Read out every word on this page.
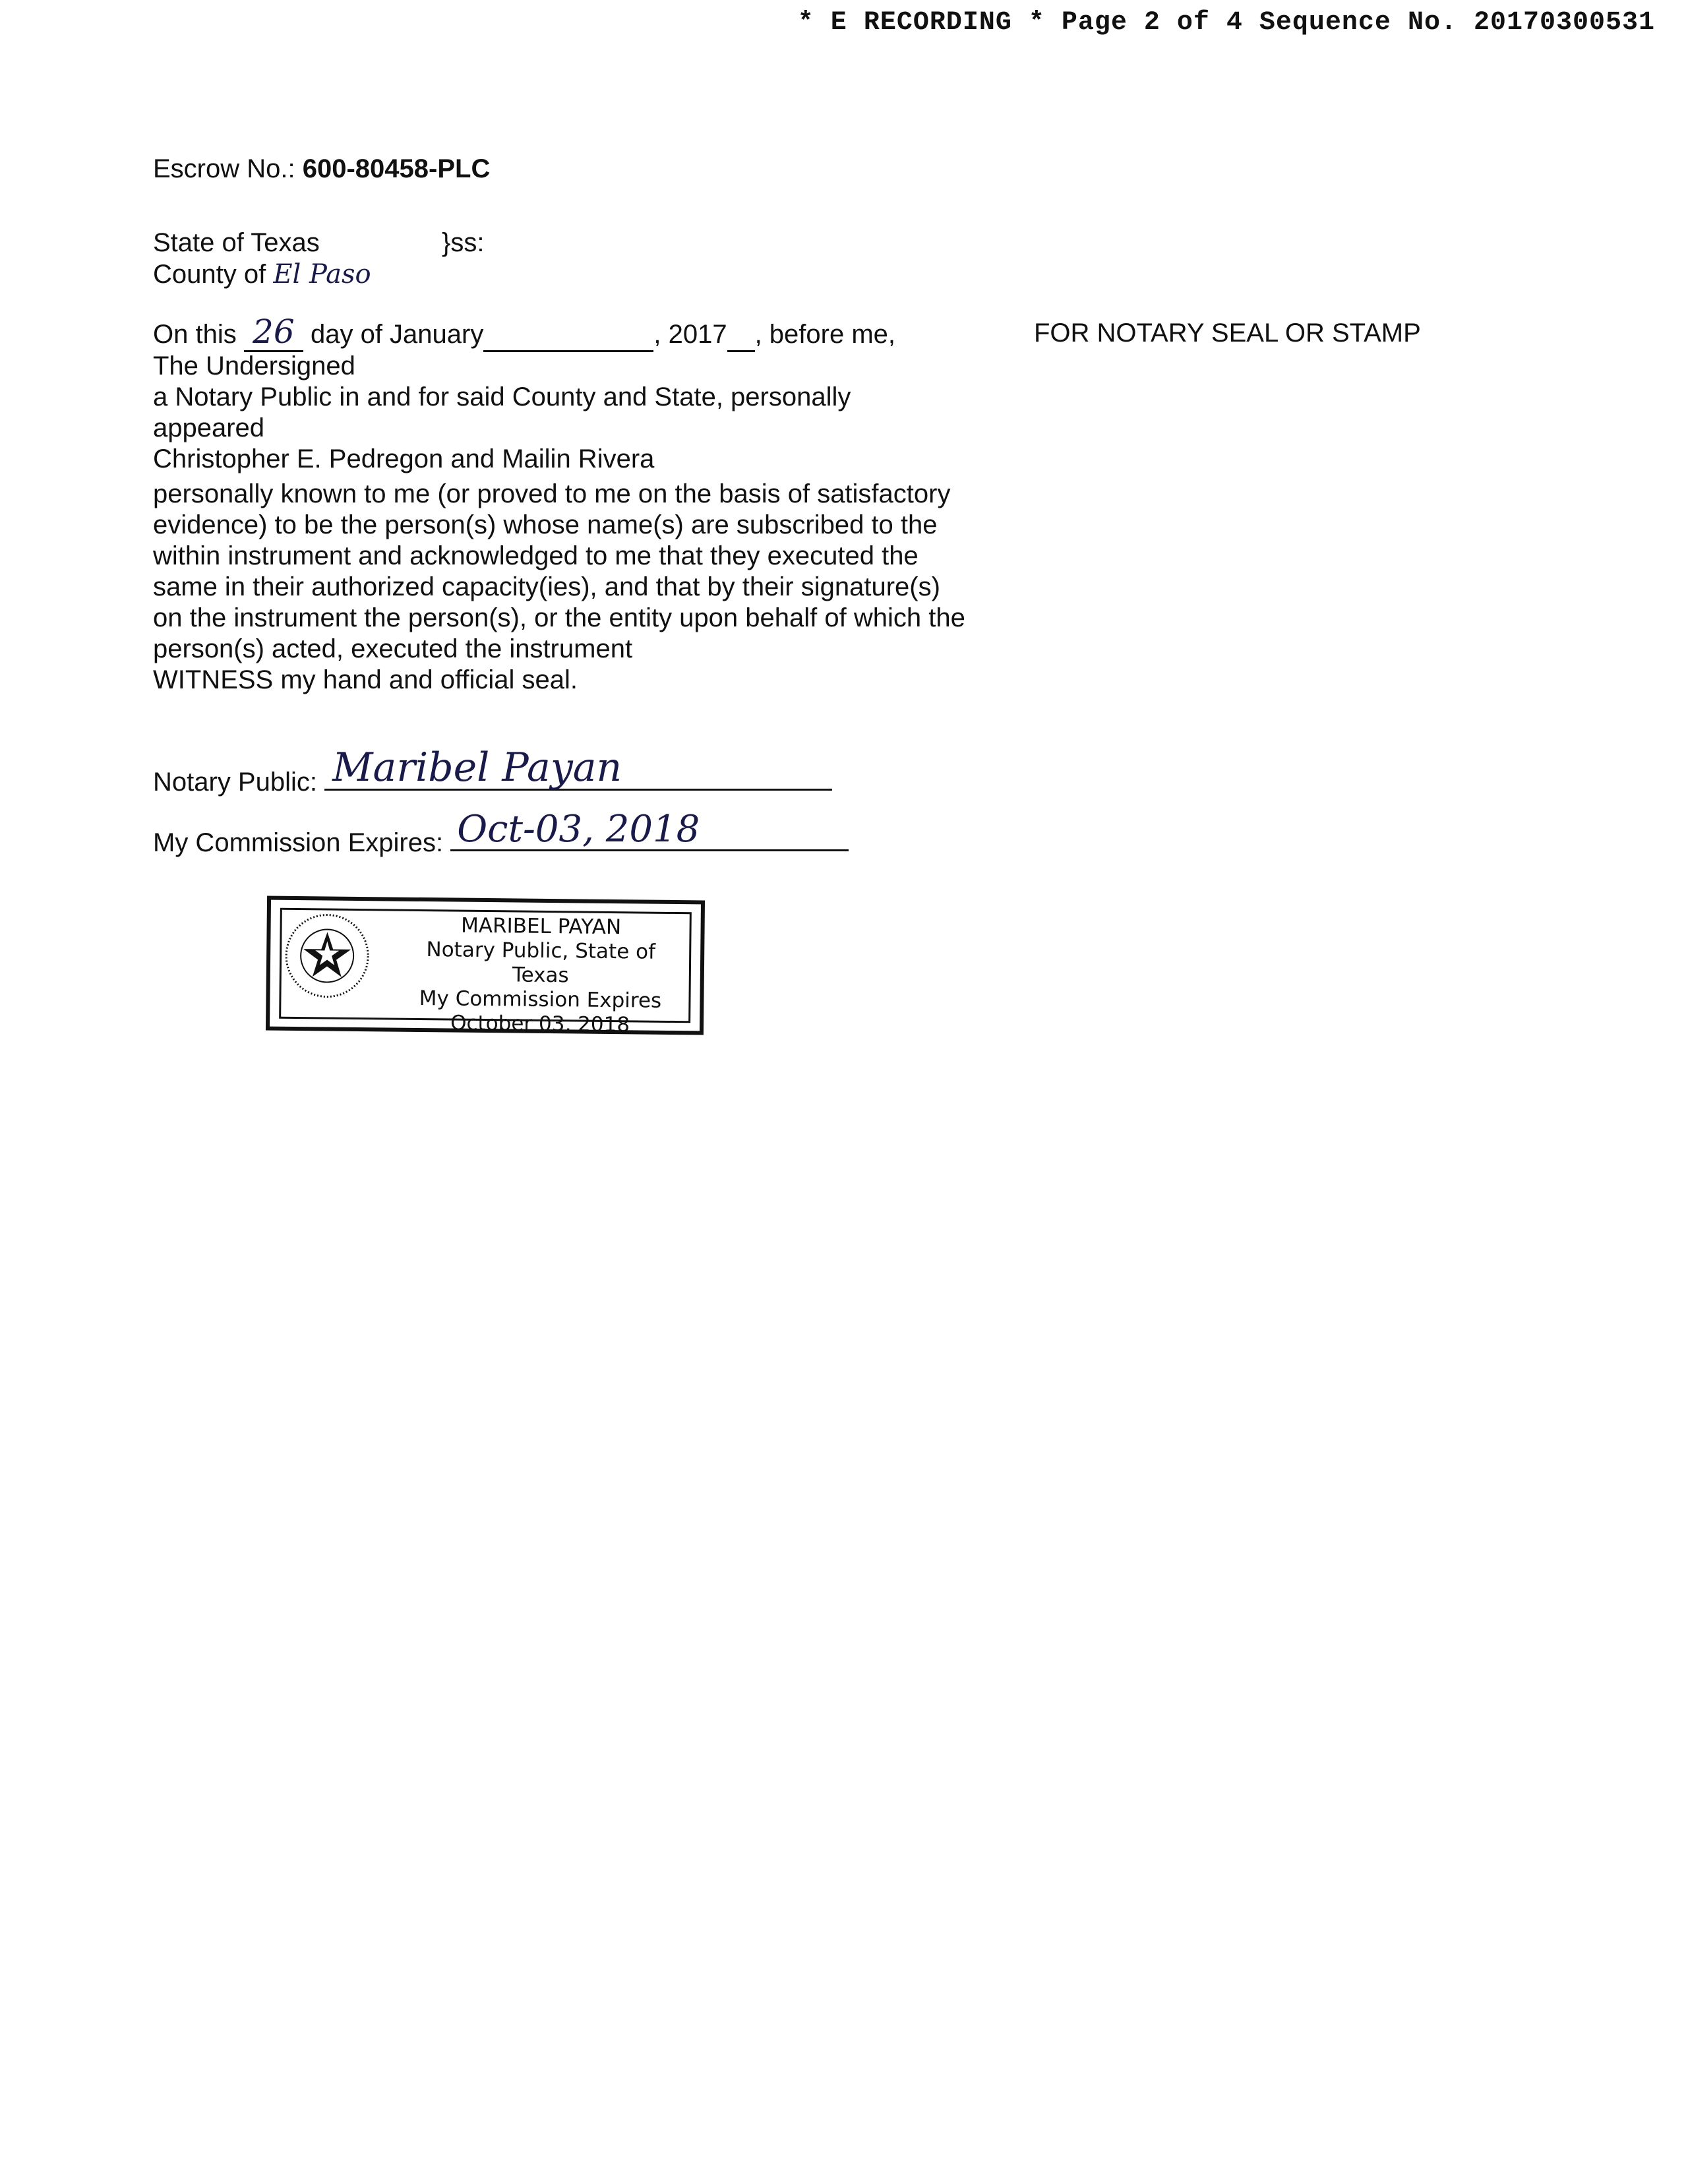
* E RECORDING * Page 2 of 4 Sequence No. 20170300531
Escrow No.: 600-80458-PLC
State of Texas	}ss:
County of El Paso
On this 26 day of January	, 2017 , before me,	FOR NOTARY SEAL OR STAMP
The Undersigned
a Notary Public in and for said County and State, personally
appeared
Christopher E. Pedregon and Mailin Rivera
personally known to me (or proved to me on the basis of satisfactory evidence) to be the person(s) whose name(s) are subscribed to the within instrument and acknowledged to me that they executed the same in their authorized capacity(ies), and that by their signature(s) on the instrument the person(s), or the entity upon behalf of which the person(s) acted, executed the instrument
WITNESS my hand and official seal.
Notary Public: Maribel Payan
My Commission Expires: Oct-03, 2018
MARIBEL PAYAN
Notary Public, State of Texas
My Commission Expires
October 03, 2018
